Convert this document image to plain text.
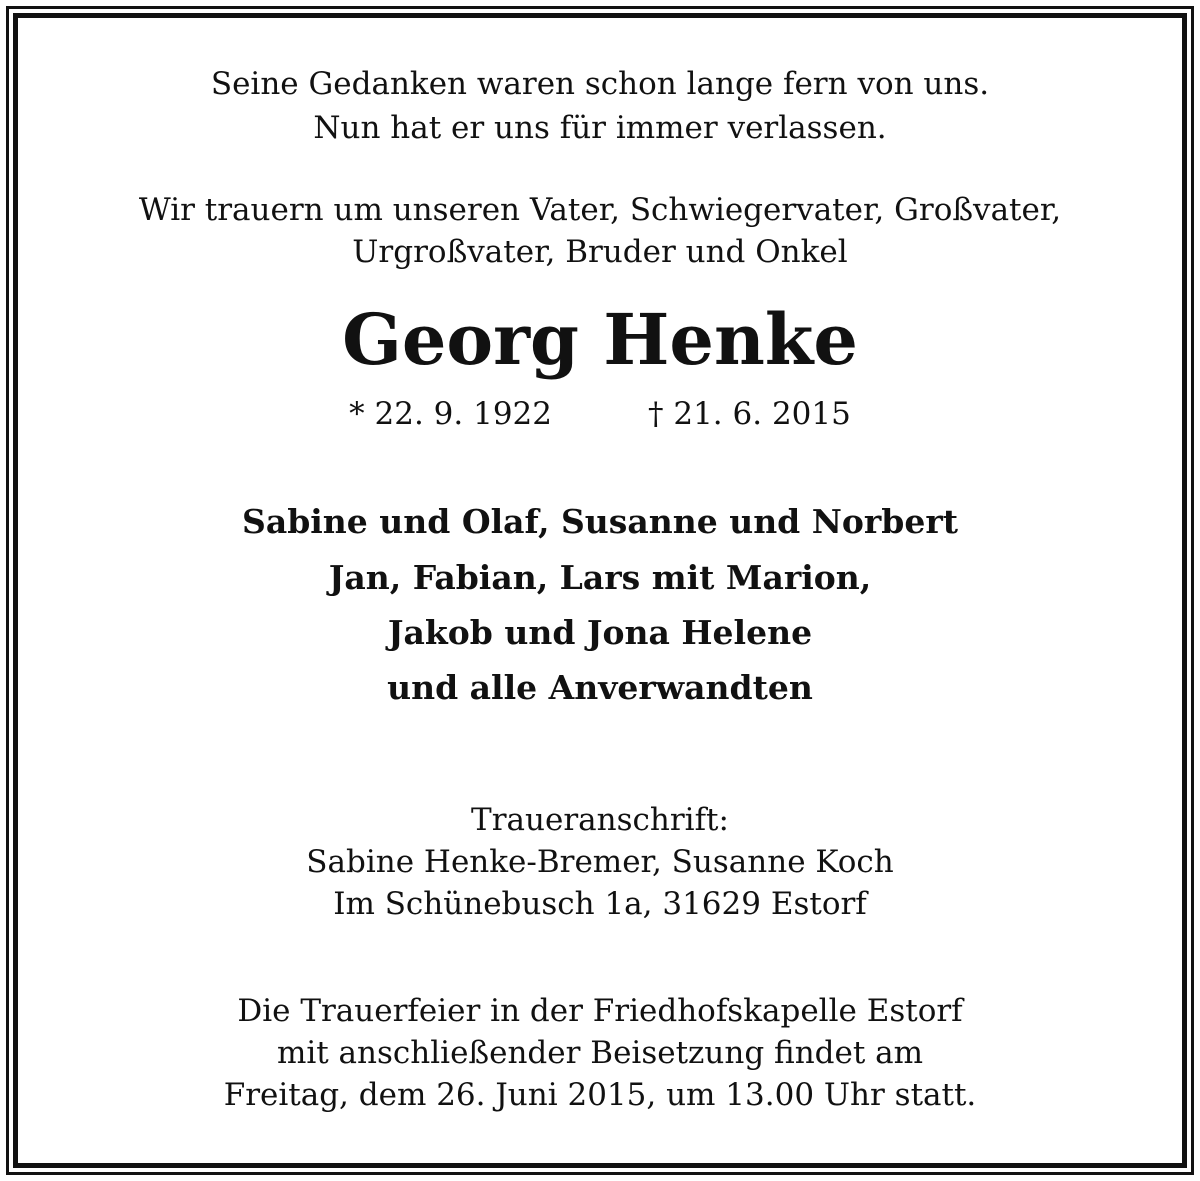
Seine Gedanken waren schon lange fern von uns.
Nun hat er uns für immer verlassen.
Wir trauern um unseren Vater, Schwiegervater, Großvater,
Urgroßvater, Bruder und Onkel
Georg Henke
* 22. 9. 1922	† 21. 6. 2015
Sabine und Olaf, Susanne und Norbert
Jan, Fabian, Lars mit Marion,
Jakob und Jona Helene
und alle Anverwandten
Traueranschrift:
Sabine Henke-Bremer, Susanne Koch
Im Schünebusch 1a, 31629 Estorf
Die Trauerfeier in der Friedhofskapelle Estorf
mit anschließender Beisetzung findet am
Freitag, dem 26. Juni 2015, um 13.00 Uhr statt.
